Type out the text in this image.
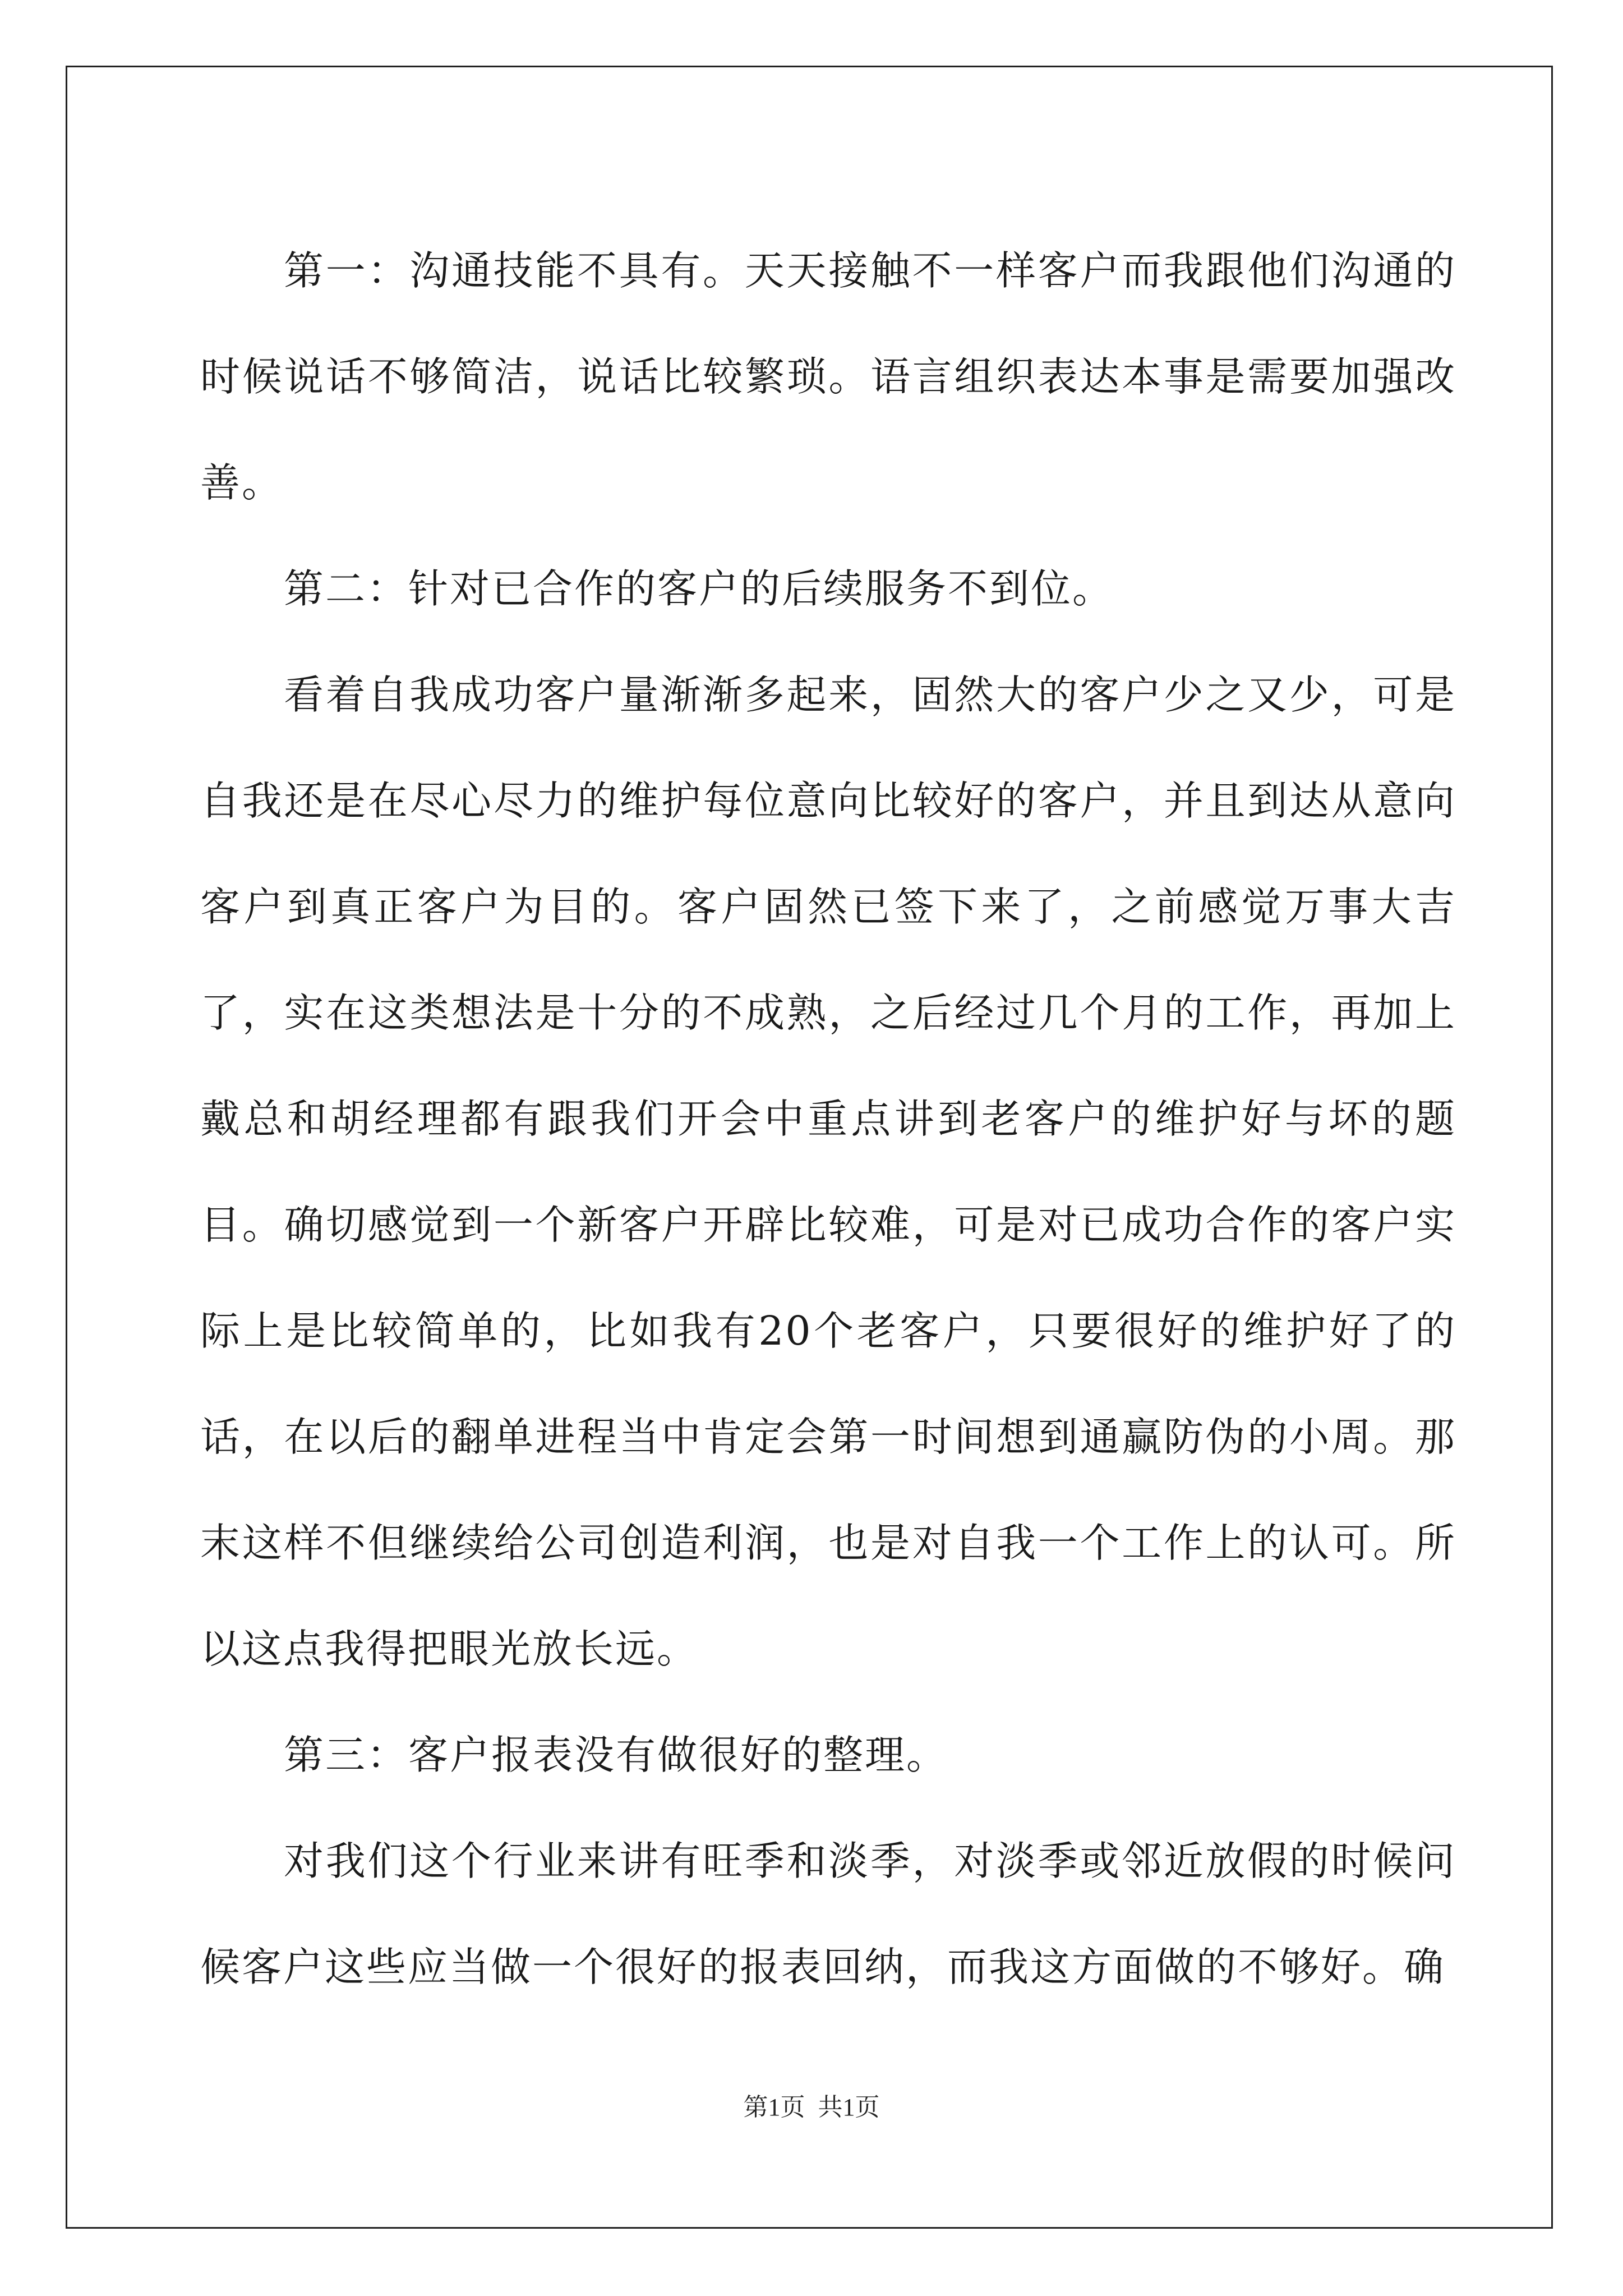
第一：沟通技能不具有。天天接触不一样客户而我跟他们沟通的时候说话不够简洁，说话比较繁琐。语言组织表达本事是需要加强改善。

第二：针对已合作的客户的后续服务不到位。

看着自我成功客户量渐渐多起来，固然大的客户少之又少，可是自我还是在尽心尽力的维护每位意向比较好的客户，并且到达从意向客户到真正客户为目的。客户固然已签下来了，之前感觉万事大吉了，实在这类想法是十分的不成熟，之后经过几个月的工作，再加上戴总和胡经理都有跟我们开会中重点讲到老客户的维护好与坏的题目。确切感觉到一个新客户开辟比较难，可是对已成功合作的客户实际上是比较简单的，比如我有20个老客户，只要很好的维护好了的话，在以后的翻单进程当中肯定会第一时间想到通赢防伪的小周。那末这样不但继续给公司创造利润，也是对自我一个工作上的认可。所以这点我得把眼光放长远。

第三：客户报表没有做很好的整理。

对我们这个行业来讲有旺季和淡季，对淡季或邻近放假的时候问候客户这些应当做一个很好的报表回纳，而我这方面做的不够好。确

第1页 共1页
